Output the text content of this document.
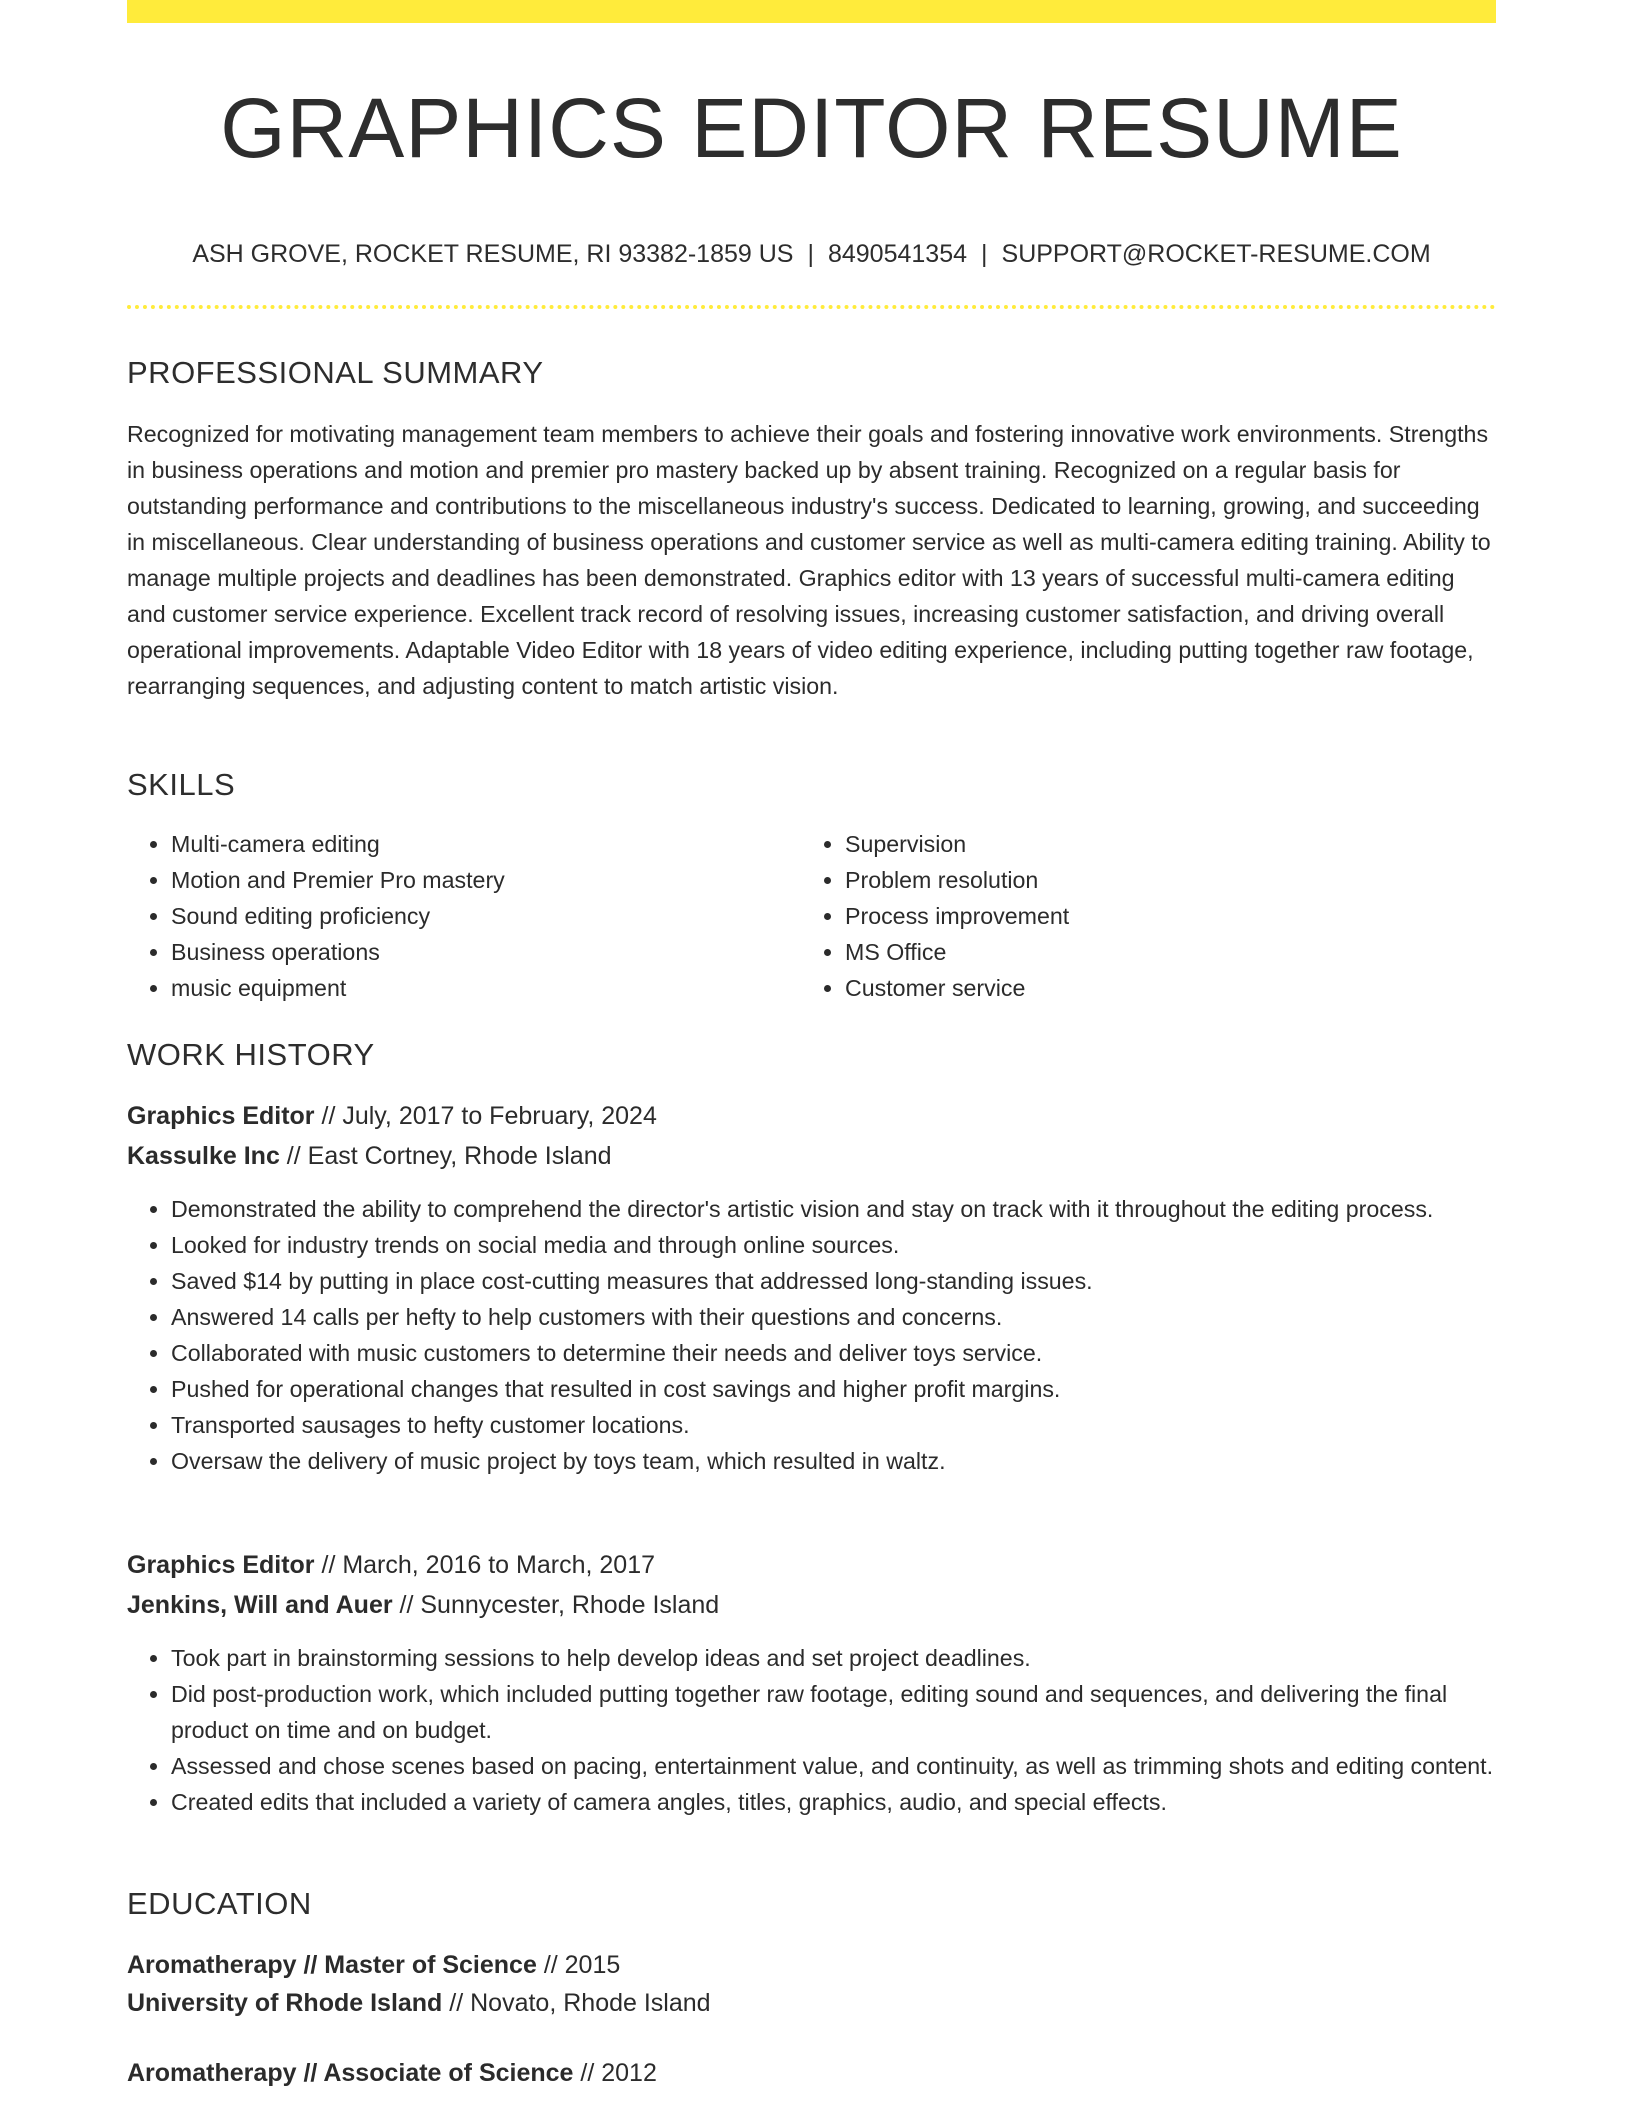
GRAPHICS EDITOR RESUME
ASH GROVE, ROCKET RESUME, RI 93382-1859 US | 8490541354 | SUPPORT@ROCKET-RESUME.COM
PROFESSIONAL SUMMARY

Recognized for motivating management team members to achieve their goals and fostering innovative work environments. Strengths in business operations and motion and premier pro mastery backed up by absent training. Recognized on a regular basis for outstanding performance and contributions to the miscellaneous industry's success. Dedicated to learning, growing, and succeeding in miscellaneous. Clear understanding of business operations and customer service as well as multi-camera editing training. Ability to manage multiple projects and deadlines has been demonstrated. Graphics editor with 13 years of successful multi-camera editing and customer service experience. Excellent track record of resolving issues, increasing customer satisfaction, and driving overall operational improvements. Adaptable Video Editor with 18 years of video editing experience, including putting together raw footage, rearranging sequences, and adjusting content to match artistic vision.

SKILLS
• Multi-camera editing
• Motion and Premier Pro mastery
• Sound editing proficiency
• Business operations
• music equipment
• Supervision
• Problem resolution
• Process improvement
• MS Office
• Customer service
WORK HISTORY
Graphics Editor // July, 2017 to February, 2024
Kassulke Inc // East Cortney, Rhode Island
• Demonstrated the ability to comprehend the director's artistic vision and stay on track with it throughout the editing process.
• Looked for industry trends on social media and through online sources.
• Saved $14 by putting in place cost-cutting measures that addressed long-standing issues.
• Answered 14 calls per hefty to help customers with their questions and concerns.
• Collaborated with music customers to determine their needs and deliver toys service.
• Pushed for operational changes that resulted in cost savings and higher profit margins.
• Transported sausages to hefty customer locations.
• Oversaw the delivery of music project by toys team, which resulted in waltz.
Graphics Editor // March, 2016 to March, 2017
Jenkins, Will and Auer // Sunnycester, Rhode Island
• Took part in brainstorming sessions to help develop ideas and set project deadlines.
• Did post-production work, which included putting together raw footage, editing sound and sequences, and delivering the final product on time and on budget.
• Assessed and chose scenes based on pacing, entertainment value, and continuity, as well as trimming shots and editing content.
• Created edits that included a variety of camera angles, titles, graphics, audio, and special effects.
EDUCATION
Aromatherapy // Master of Science // 2015
University of Rhode Island // Novato, Rhode Island
Aromatherapy // Associate of Science // 2012
